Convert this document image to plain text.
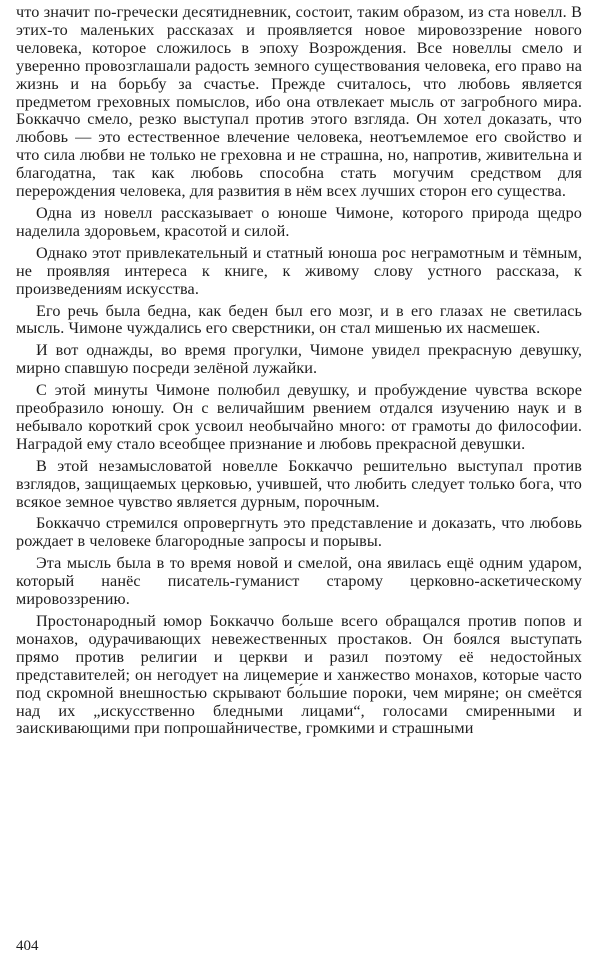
что значит по-гречески десятидневник, состоит, таким образом, из ста новелл. В этих-то маленьких рассказах и проявляется новое мировоззрение нового человека, которое сложилось в эпоху Возрождения. Все новеллы смело и уверенно провозглашали радость земного существования человека, его право на жизнь и на борьбу за счастье. Прежде считалось, что любовь является предметом греховных помыслов, ибо она отвлекает мысль от загробного мира. Боккаччо смело, резко выступал против этого взгляда. Он хотел доказать, что любовь — это естественное влечение человека, неотъемлемое его свойство и что сила любви не только не греховна и не страшна, но, напротив, живительна и благодатна, так как любовь способна стать могучим средством для перерождения человека, для развития в нём всех лучших сторон его существа.

Одна из новелл рассказывает о юноше Чимоне, которого природа щедро наделила здоровьем, красотой и силой.

Однако этот привлекательный и статный юноша рос неграмотным и тёмным, не проявляя интереса к книге, к живому слову устного рассказа, к произведениям искусства.

Его речь была бедна, как беден был его мозг, и в его глазах не светилась мысль. Чимоне чуждались его сверстники, он стал мишенью их насмешек.

И вот однажды, во время прогулки, Чимоне увидел прекрасную девушку, мирно спавшую посреди зелёной лужайки.

С этой минуты Чимоне полюбил девушку, и пробуждение чувства вскоре преобразило юношу. Он с величайшим рвением отдался изучению наук и в небывало короткий срок усвоил необычайно много: от грамоты до философии. Наградой ему стало всеобщее признание и любовь прекрасной девушки.

В этой незамысловатой новелле Боккаччо решительно выступал против взглядов, защищаемых церковью, учившей, что любить следует только бога, что всякое земное чувство является дурным, порочным.

Боккаччо стремился опровергнуть это представление и доказать, что любовь рождает в человеке благородные запросы и порывы.

Эта мысль была в то время новой и смелой, она явилась ещё одним ударом, который нанёс писатель-гуманист старому церковно-аскетическому мировоззрению.

Простонародный юмор Боккаччо больше всего обращался против попов и монахов, одурачивающих невежественных простаков. Он боялся выступать прямо против религии и церкви и разил поэтому её недостойных представителей; он негодует на лицемерие и ханжество монахов, которые часто под скромной внешностью скрывают бо́льшие пороки, чем миряне; он смеётся над их „искусственно бледными лицами“, голосами смиренными и заискивающими при попрошайничестве, громкими и страшными

404
